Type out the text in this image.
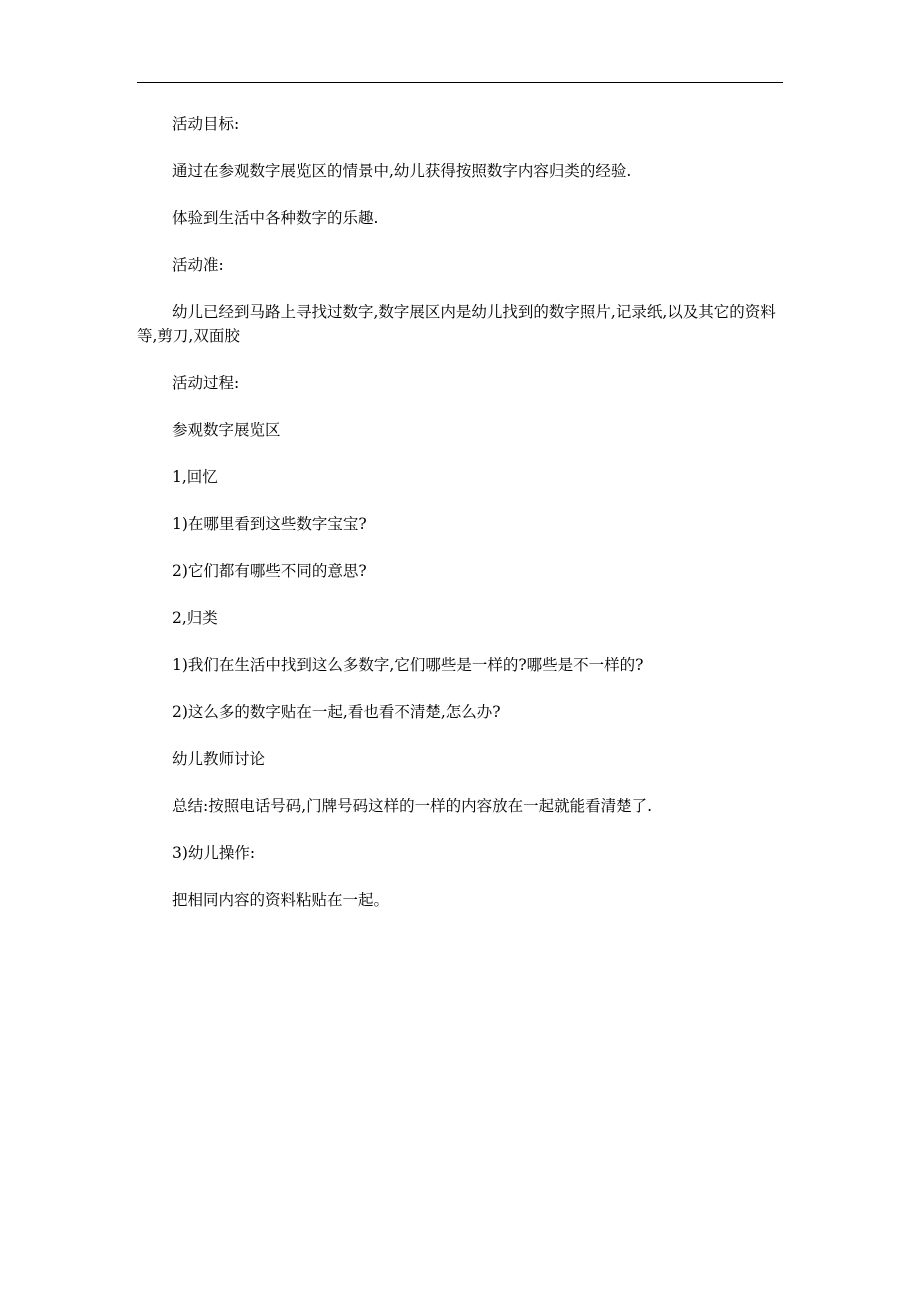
活动目标:

通过在参观数字展览区的情景中,幼儿获得按照数字内容归类的经验.

体验到生活中各种数字的乐趣.

活动准:

幼儿已经到马路上寻找过数字,数字展区内是幼儿找到的数字照片,记录纸,以及其它的资料等,剪刀,双面胶

活动过程:

参观数字展览区

1,回忆

1)在哪里看到这些数字宝宝?

2)它们都有哪些不同的意思?

2,归类

1)我们在生活中找到这么多数字,它们哪些是一样的?哪些是不一样的?

2)这么多的数字贴在一起,看也看不清楚,怎么办?

幼儿教师讨论

总结:按照电话号码,门牌号码这样的一样的内容放在一起就能看清楚了.

3)幼儿操作:

把相同内容的资料粘贴在一起。
